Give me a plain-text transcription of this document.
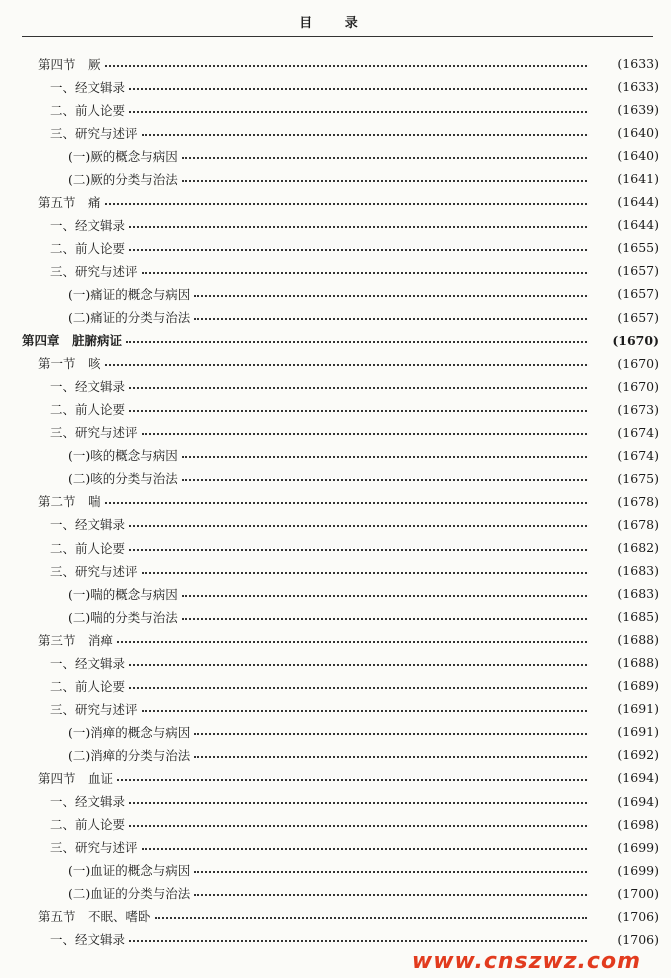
目 录
第四节　厥	(1633)
一、经文辑录	(1633)
二、前人论要	(1639)
三、研究与述评	(1640)
(一)厥的概念与病因	(1640)
(二)厥的分类与治法	(1641)
第五节　痛	(1644)
一、经文辑录	(1644)
二、前人论要	(1655)
三、研究与述评	(1657)
(一)痛证的概念与病因	(1657)
(二)痛证的分类与治法	(1657)
第四章　脏腑病证	(1670)
第一节　咳	(1670)
一、经文辑录	(1670)
二、前人论要	(1673)
三、研究与述评	(1674)
(一)咳的概念与病因	(1674)
(二)咳的分类与治法	(1675)
第二节　喘	(1678)
一、经文辑录	(1678)
二、前人论要	(1682)
三、研究与述评	(1683)
(一)喘的概念与病因	(1683)
(二)喘的分类与治法	(1685)
第三节　消瘅	(1688)
一、经文辑录	(1688)
二、前人论要	(1689)
三、研究与述评	(1691)
(一)消瘅的概念与病因	(1691)
(二)消瘅的分类与治法	(1692)
第四节　血证	(1694)
一、经文辑录	(1694)
二、前人论要	(1698)
三、研究与述评	(1699)
(一)血证的概念与病因	(1699)
(二)血证的分类与治法	(1700)
第五节　不眠、嗜卧	(1706)
一、经文辑录	(1706)
www.cnszwz.com
